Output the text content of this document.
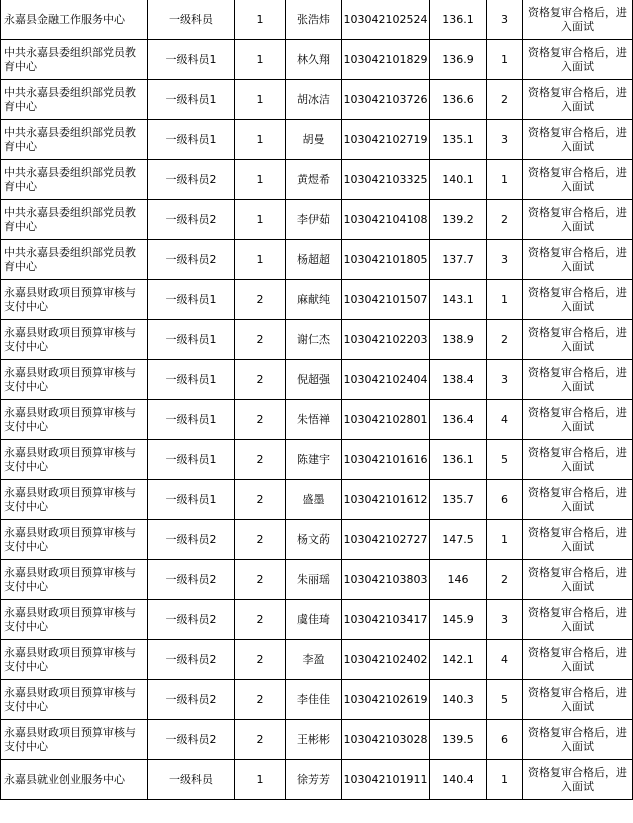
永嘉县金融工作服务中心	一级科员	1	张浩炜	103042102524	136.1	3	资格复审合格后，进入面试
中共永嘉县委组织部党员教育中心	一级科员1	1	林久翔	103042101829	136.9	1	资格复审合格后，进入面试
中共永嘉县委组织部党员教育中心	一级科员1	1	胡冰洁	103042103726	136.6	2	资格复审合格后，进入面试
中共永嘉县委组织部党员教育中心	一级科员1	1	胡曼	103042102719	135.1	3	资格复审合格后，进入面试
中共永嘉县委组织部党员教育中心	一级科员2	1	黄煜希	103042103325	140.1	1	资格复审合格后，进入面试
中共永嘉县委组织部党员教育中心	一级科员2	1	李伊茹	103042104108	139.2	2	资格复审合格后，进入面试
中共永嘉县委组织部党员教育中心	一级科员2	1	杨超超	103042101805	137.7	3	资格复审合格后，进入面试
永嘉县财政项目预算审核与支付中心	一级科员1	2	麻献纯	103042101507	143.1	1	资格复审合格后，进入面试
永嘉县财政项目预算审核与支付中心	一级科员1	2	谢仁杰	103042102203	138.9	2	资格复审合格后，进入面试
永嘉县财政项目预算审核与支付中心	一级科员1	2	倪超强	103042102404	138.4	3	资格复审合格后，进入面试
永嘉县财政项目预算审核与支付中心	一级科员1	2	朱悟禅	103042102801	136.4	4	资格复审合格后，进入面试
永嘉县财政项目预算审核与支付中心	一级科员1	2	陈建宇	103042101616	136.1	5	资格复审合格后，进入面试
永嘉县财政项目预算审核与支付中心	一级科员1	2	盛墨	103042101612	135.7	6	资格复审合格后，进入面试
永嘉县财政项目预算审核与支付中心	一级科员2	2	杨文菂	103042102727	147.5	1	资格复审合格后，进入面试
永嘉县财政项目预算审核与支付中心	一级科员2	2	朱丽瑶	103042103803	146	2	资格复审合格后，进入面试
永嘉县财政项目预算审核与支付中心	一级科员2	2	虞佳琦	103042103417	145.9	3	资格复审合格后，进入面试
永嘉县财政项目预算审核与支付中心	一级科员2	2	李盈	103042102402	142.1	4	资格复审合格后，进入面试
永嘉县财政项目预算审核与支付中心	一级科员2	2	李佳佳	103042102619	140.3	5	资格复审合格后，进入面试
永嘉县财政项目预算审核与支付中心	一级科员2	2	王彬彬	103042103028	139.5	6	资格复审合格后，进入面试
永嘉县就业创业服务中心	一级科员	1	徐芳芳	103042101911	140.4	1	资格复审合格后，进入面试
